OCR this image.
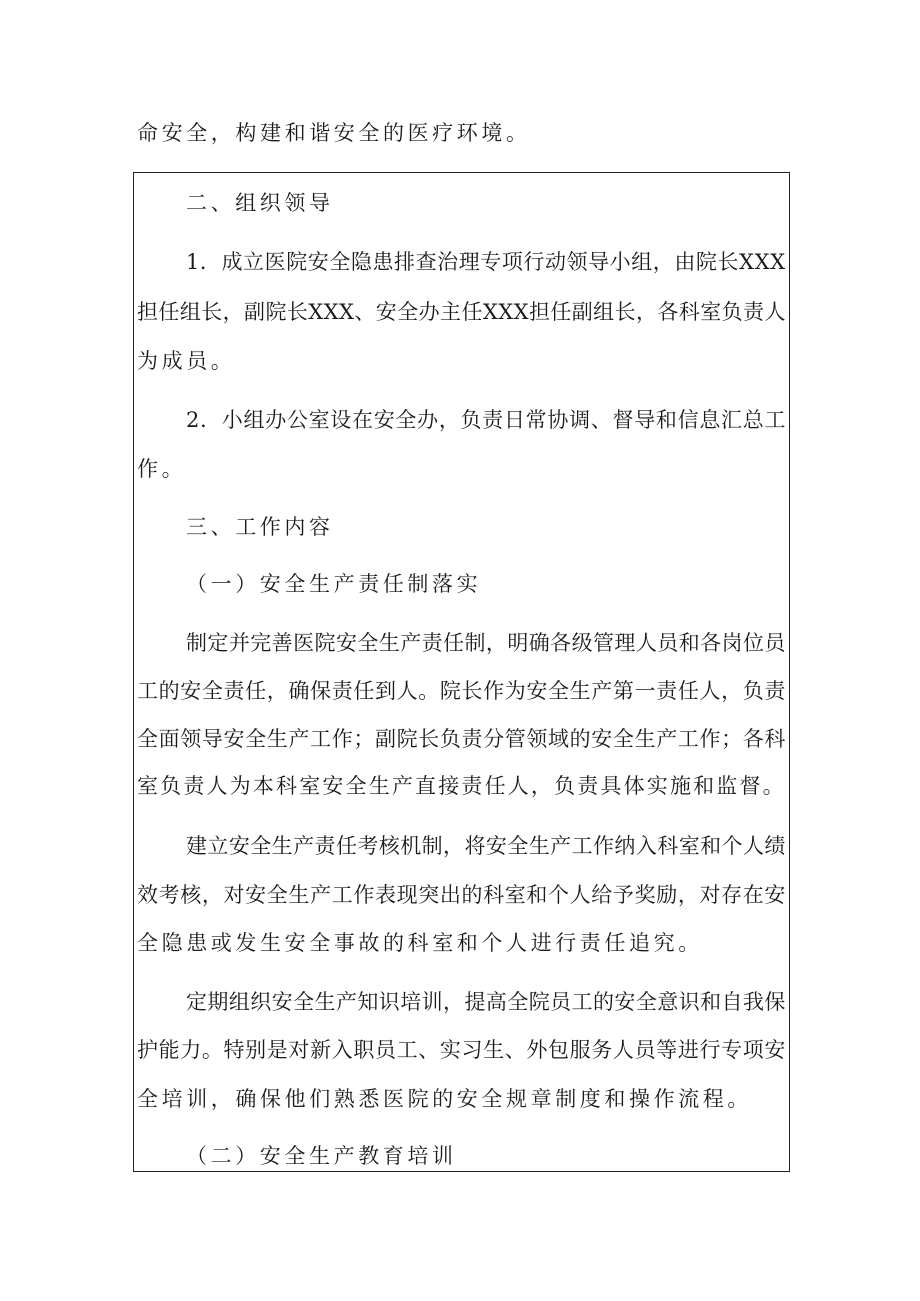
命安全，构建和谐安全的医疗环境。
二、组织领导
1．成立医院安全隐患排查治理专项行动领导小组，由院长XXX
担任组长，副院长XXX、安全办主任XXX担任副组长，各科室负责人
为成员。
2．小组办公室设在安全办，负责日常协调、督导和信息汇总工
作。
三、工作内容
（一）安全生产责任制落实
制定并完善医院安全生产责任制，明确各级管理人员和各岗位员
工的安全责任，确保责任到人。院长作为安全生产第一责任人，负责
全面领导安全生产工作；副院长负责分管领域的安全生产工作；各科
室负责人为本科室安全生产直接责任人，负责具体实施和监督。
建立安全生产责任考核机制，将安全生产工作纳入科室和个人绩
效考核，对安全生产工作表现突出的科室和个人给予奖励，对存在安
全隐患或发生安全事故的科室和个人进行责任追究。
定期组织安全生产知识培训，提高全院员工的安全意识和自我保
护能力。特别是对新入职员工、实习生、外包服务人员等进行专项安
全培训，确保他们熟悉医院的安全规章制度和操作流程。
（二）安全生产教育培训
